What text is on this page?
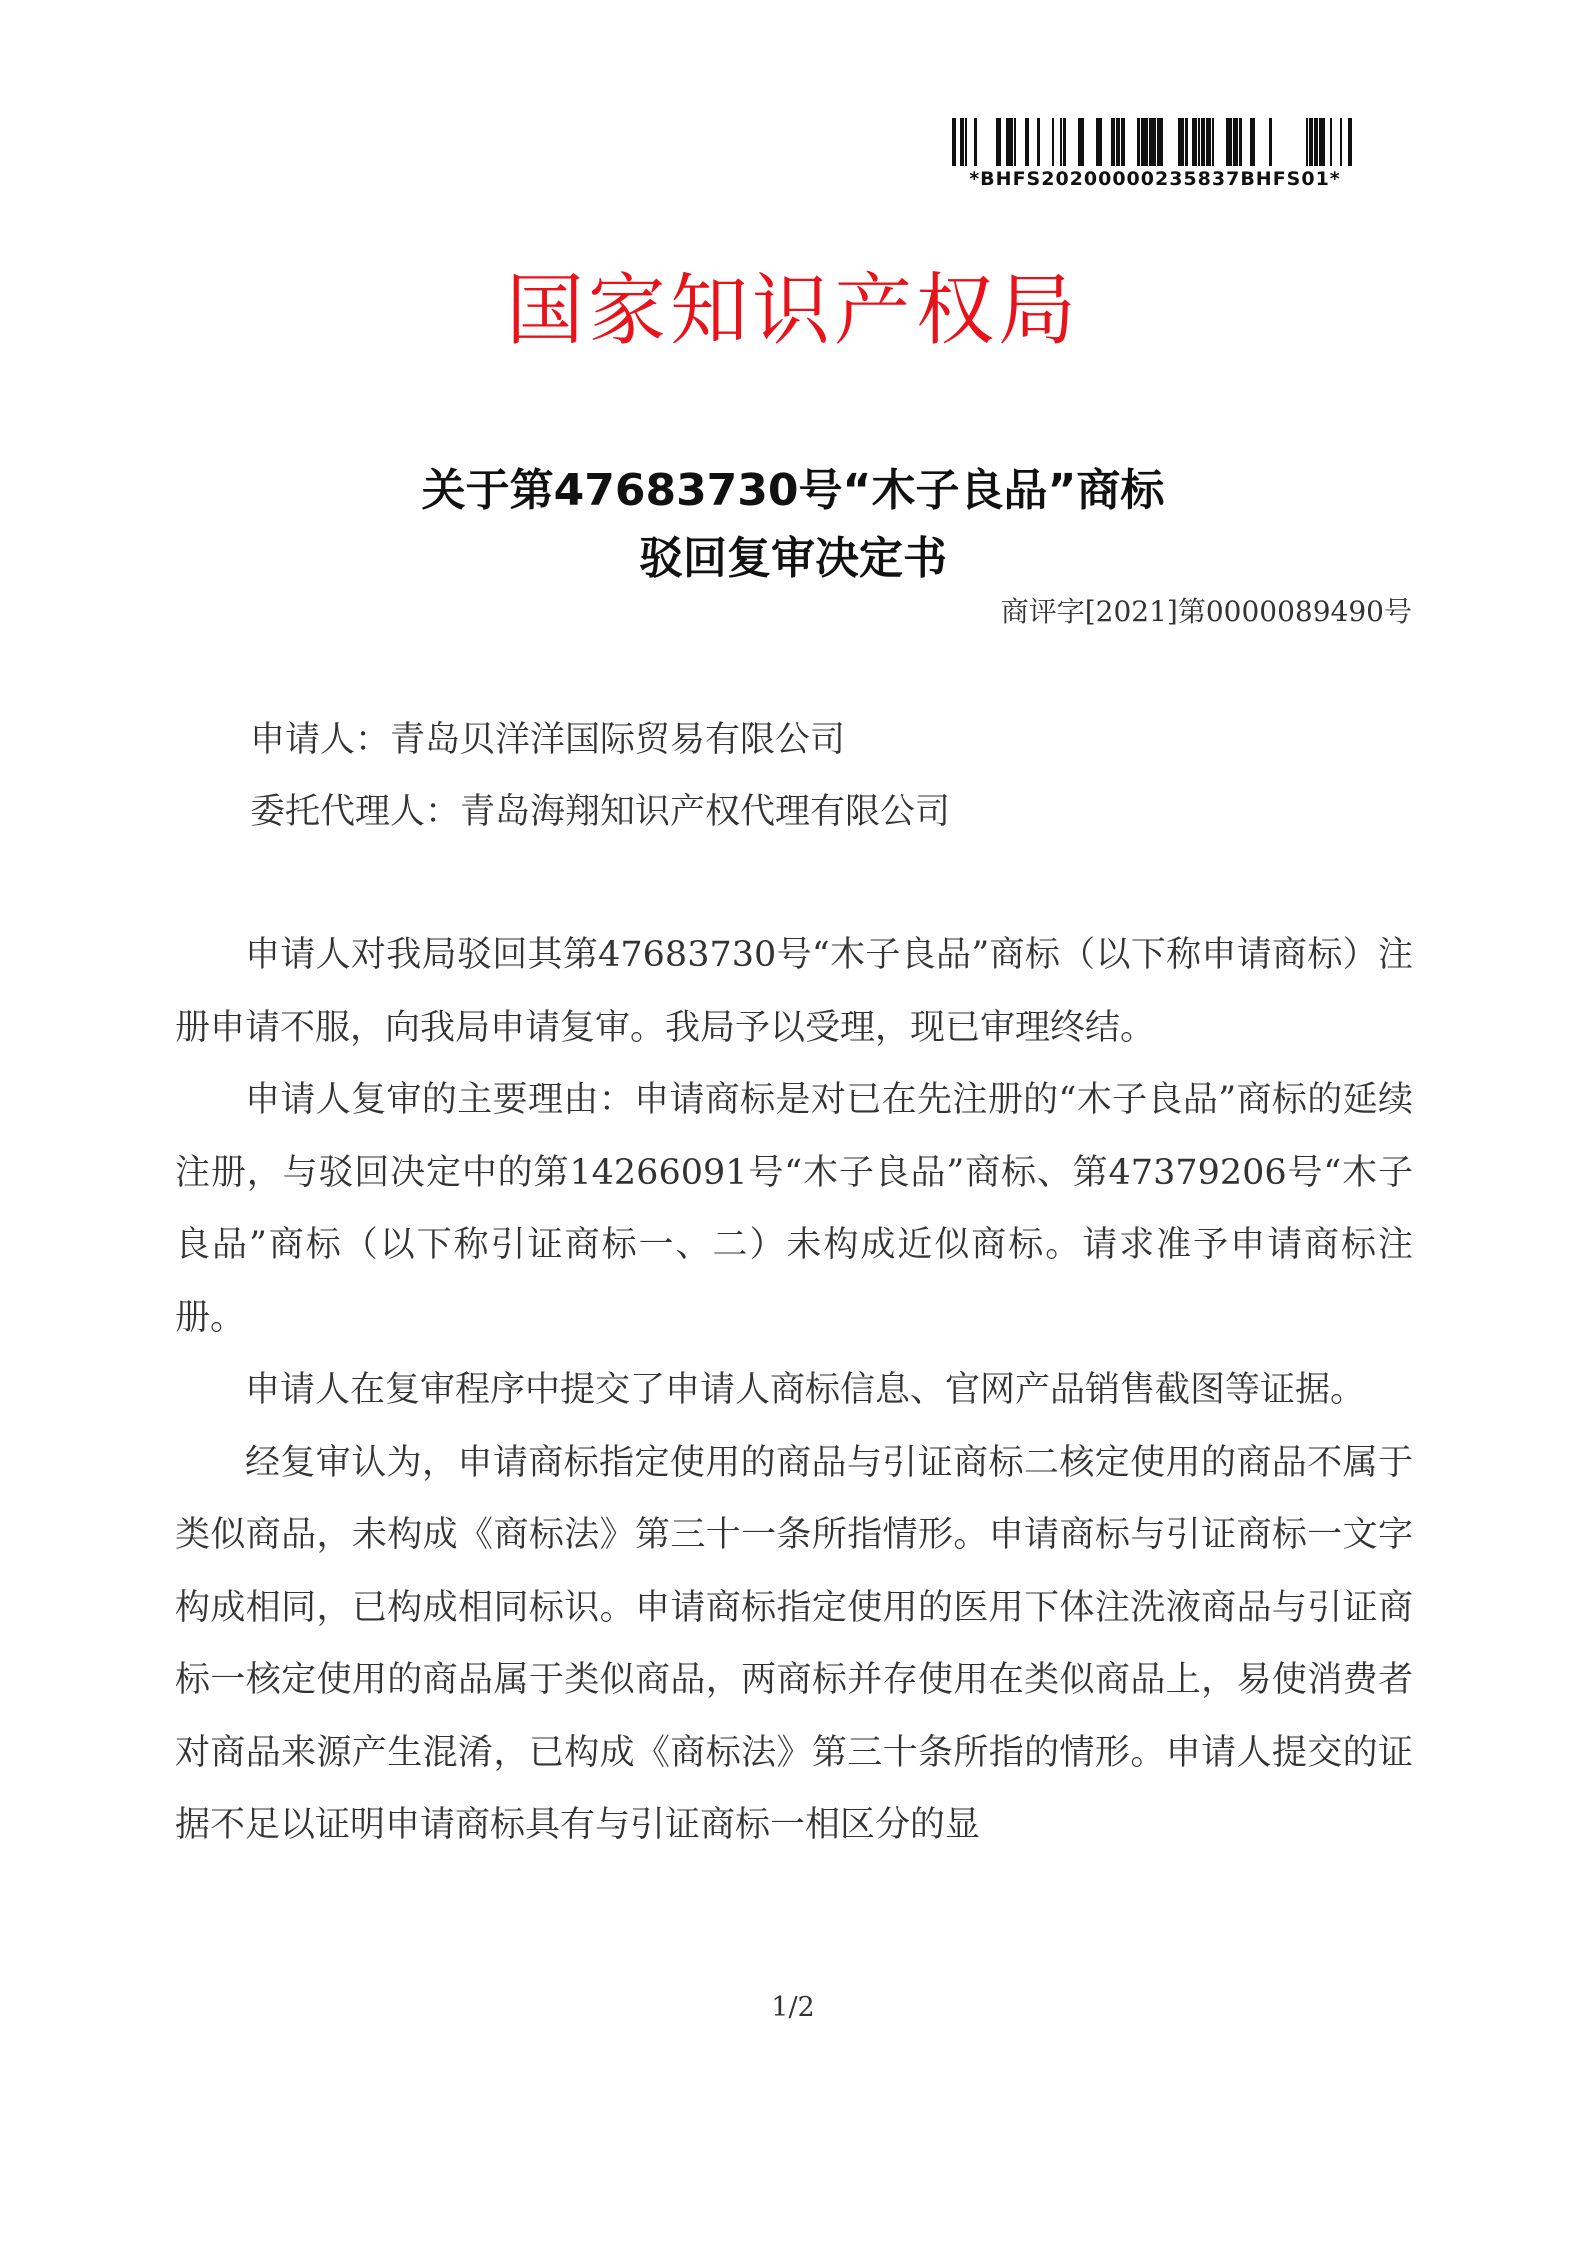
*BHFS20200000235837BHFS01*
国家知识产权局
关于第47683730号“木子良品”商标
驳回复审决定书
商评字[2021]第0000089490号
申请人：青岛贝洋洋国际贸易有限公司
委托代理人：青岛海翔知识产权代理有限公司

申请人对我局驳回其第47683730号“木子良品”商标（以下称申请商标）注册申请不服，向我局申请复审。我局予以受理，现已审理终结。

申请人复审的主要理由：申请商标是对已在先注册的“木子良品”商标的延续注册，与驳回决定中的第14266091号“木子良品”商标、第47379206号“木子良品”商标（以下称引证商标一、二）未构成近似商标。请求准予申请商标注册。

申请人在复审程序中提交了申请人商标信息、官网产品销售截图等证据。

经复审认为，申请商标指定使用的商品与引证商标二核定使用的商品不属于类似商品，未构成《商标法》第三十一条所指情形。申请商标与引证商标一文字构成相同，已构成相同标识。申请商标指定使用的医用下体注洗液商品与引证商标一核定使用的商品属于类似商品，两商标并存使用在类似商品上，易使消费者对商品来源产生混淆，已构成《商标法》第三十条所指的情形。申请人提交的证据不足以证明申请商标具有与引证商标一相区分的显

1/2
